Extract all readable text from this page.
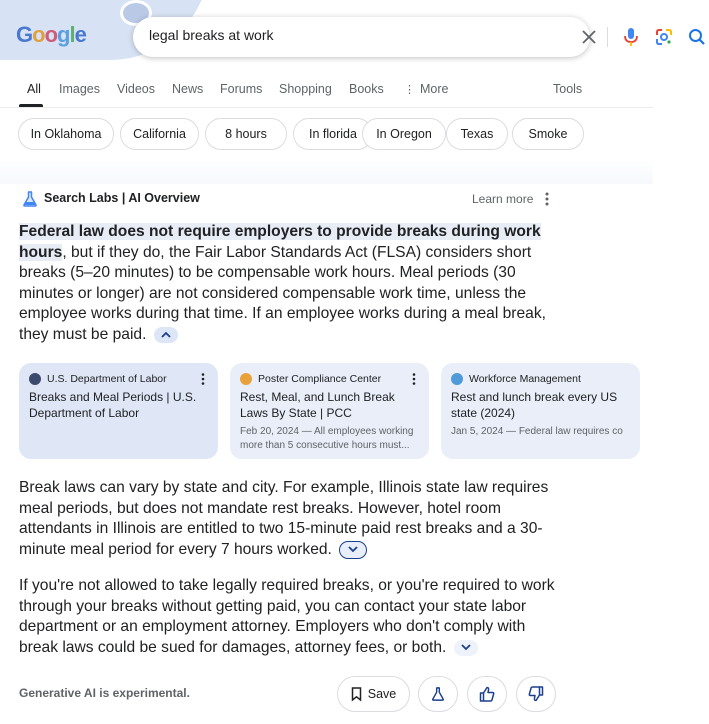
Google
legal breaks at work
All Images Videos News Forums Shopping Books ⋮ More	Tools
In Oklahoma	California	8 hours	In florida	In Oregon	Texas	Smoke
Search Labs | AI Overview	Learn more
Federal law does not require employers to provide breaks during work hours, but if they do, the Fair Labor Standards Act (FLSA) considers short breaks (5–20 minutes) to be compensable work hours. Meal periods (30 minutes or longer) are not considered compensable work time, unless the employee works during that time. If an employee works during a meal break, they must be paid.
U.S. Department of Labor
Breaks and Meal Periods | U.S. Department of Labor
Poster Compliance Center
Rest, Meal, and Lunch Break Laws By State | PCC
Feb 20, 2024 — All employees working more than 5 consecutive hours must...
Workforce Management
Rest and lunch break every US state (2024)
Jan 5, 2024 — Federal law requires co
Break laws can vary by state and city. For example, Illinois state law requires meal periods, but does not mandate rest breaks. However, hotel room attendants in Illinois are entitled to two 15-minute paid rest breaks and a 30-minute meal period for every 7 hours worked.
If you're not allowed to take legally required breaks, or you're required to work through your breaks without getting paid, you can contact your state labor department or an employment attorney. Employers who don't comply with break laws could be sued for damages, attorney fees, or both.
Generative AI is experimental.	Save
